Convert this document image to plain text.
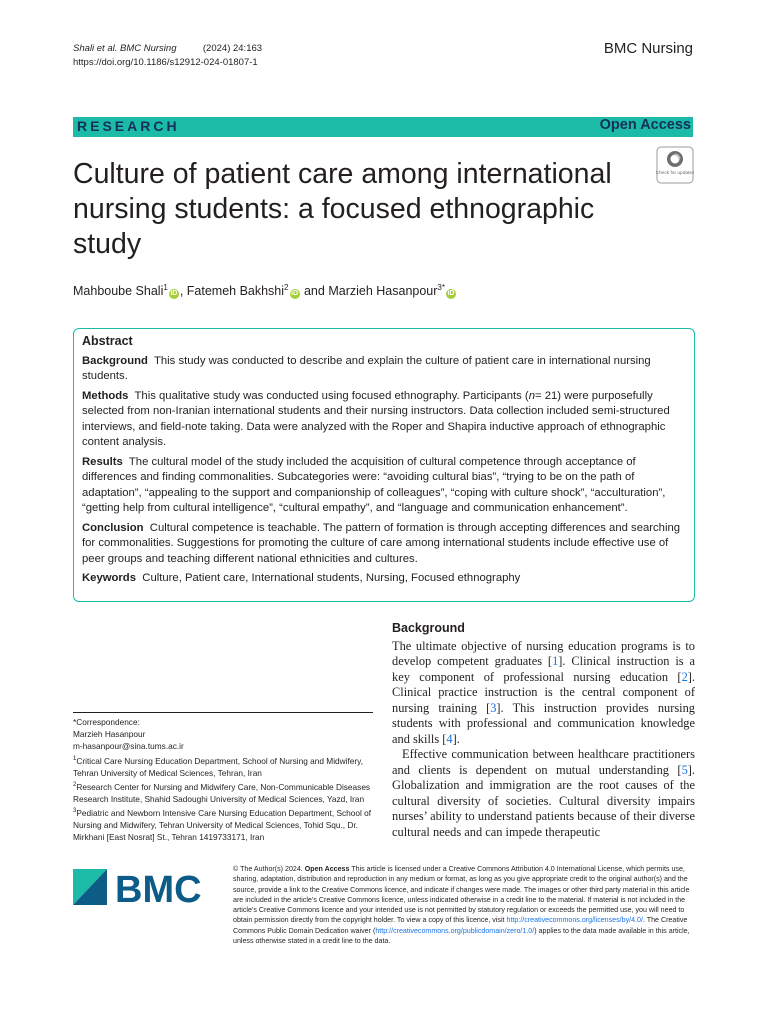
Shali et al. BMC Nursing	(2024) 24:163
https://doi.org/10.1186/s12912-024-01807-1
BMC Nursing
RESEARCH	Open Access
Culture of patient care among international nursing students: a focused ethnographic study
Check for updates
Mahboube Shali$^1$iD , Fatemeh Bakhshi$^2$iD and Marzieh Hasanpour$^{3*}$iD
Abstract

Background This study was conducted to describe and explain the culture of patient care in international nursing students.

Methods This qualitative study was conducted using focused ethnography. Participants (n= 21) were purposefully selected from non-Iranian international students and their nursing instructors. Data collection included semi-structured interviews, and field-note taking. Data were analyzed with the Roper and Shapira inductive approach of ethnographic content analysis.

Results The cultural model of the study included the acquisition of cultural competence through acceptance of differences and finding commonalities. Subcategories were: “avoiding cultural bias”, “trying to be on the path of adaptation”, “appealing to the support and companionship of colleagues”, “coping with culture shock”, “acculturation”, “getting help from cultural intelligence”, “cultural empathy”, and “language and communication enhancement”.

Conclusion Cultural competence is teachable. The pattern of formation is through accepting differences and searching for commonalities. Suggestions for promoting the culture of care among international students include effective use of peer groups and teaching different national ethnicities and cultures.

Keywords Culture, Patient care, International students, Nursing, Focused ethnography

Background

The ultimate objective of nursing education programs is to develop competent graduates [1]. Clinical instruction is a key component of professional nursing education [2]. Clinical practice instruction is the central component of nursing training [3]. This instruction provides nursing students with professional and communication knowledge and skills [4].

Effective communication between healthcare practitioners and clients is dependent on mutual understanding [5]. Globalization and immigration are the root causes of the cultural diversity of societies. Cultural diversity impairs nurses’ ability to understand patients because of their diverse cultural needs and can impede therapeutic

*Correspondence:
Marzieh Hasanpour
m-hasanpour@sina.tums.ac.ir
$^1$Critical Care Nursing Education Department, School of Nursing and Midwifery, Tehran University of Medical Sciences, Tehran, Iran
$^2$Research Center for Nursing and Midwifery Care, Non-Communicable Diseases Research Institute, Shahid Sadoughi University of Medical Sciences, Yazd, Iran
$^3$Pediatric and Newborn Intensive Care Nursing Education Department, School of Nursing and Midwifery, Tehran University of Medical Sciences, Tohid Squ., Dr. Mirkhani [East Nosrat] St., Tehran 1419733171, Iran
BMC	© The Author(s) 2024. Open Access This article is licensed under a Creative Commons Attribution 4.0 International License, which permits use, sharing, adaptation, distribution and reproduction in any medium or format, as long as you give appropriate credit to the original author(s) and the source, provide a link to the Creative Commons licence, and indicate if changes were made. The images or other third party material in this article are included in the article’s Creative Commons licence, unless indicated otherwise in a credit line to the material. If material is not included in the article’s Creative Commons licence and your intended use is not permitted by statutory regulation or exceeds the permitted use, you will need to obtain permission directly from the copyright holder. To view a copy of this licence, visit http://creativecommons.org/licenses/by/4.0/. The Creative Commons Public Domain Dedication waiver (http://creativecommons.org/publicdomain/zero/1.0/) applies to the data made available in this article, unless otherwise stated in a credit line to the data.
